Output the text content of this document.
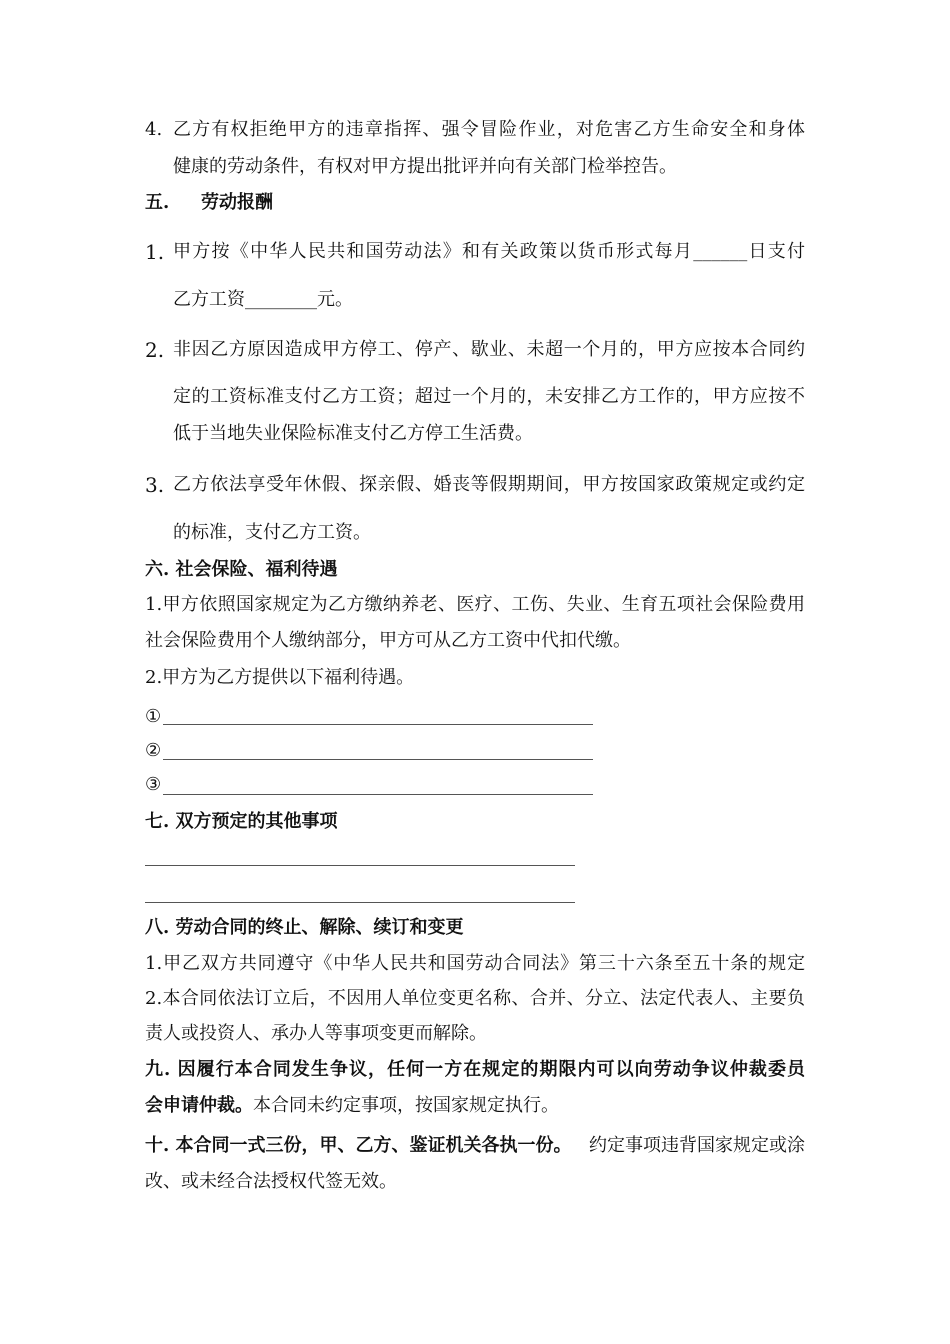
4. 乙方有权拒绝甲方的违章指挥、强令冒险作业，对危害乙方生命安全和身体
健康的劳动条件，有权对甲方提出批评并向有关部门检举控告。
五. 劳动报酬
1. 甲方按《中华人民共和国劳动法》和有关政策以货币形式每月______日支付
乙方工资________元。
2. 非因乙方原因造成甲方停工、停产、歇业、未超一个月的，甲方应按本合同约
定的工资标准支付乙方工资；超过一个月的，未安排乙方工作的，甲方应按不
低于当地失业保险标准支付乙方停工生活费。
3. 乙方依法享受年休假、探亲假、婚丧等假期期间，甲方按国家政策规定或约定
的标准，支付乙方工资。
六. 社会保险、福利待遇
1.甲方依照国家规定为乙方缴纳养老、医疗、工伤、失业、生育五项社会保险费用
社会保险费用个人缴纳部分，甲方可从乙方工资中代扣代缴。
2.甲方为乙方提供以下福利待遇。
①
②
③
七. 双方预定的其他事项
八. 劳动合同的终止、解除、续订和变更
1.甲乙双方共同遵守《中华人民共和国劳动合同法》第三十六条至五十条的规定
2.本合同依法订立后，不因用人单位变更名称、合并、分立、法定代表人、主要负
责人或投资人、承办人等事项变更而解除。
九. 因履行本合同发生争议，任何一方在规定的期限内可以向劳动争议仲裁委员
会申请仲裁。本合同未约定事项，按国家规定执行。
十. 本合同一式三份，甲、乙方、鉴证机关各执一份。 约定事项违背国家规定或涂
改、或未经合法授权代签无效。
